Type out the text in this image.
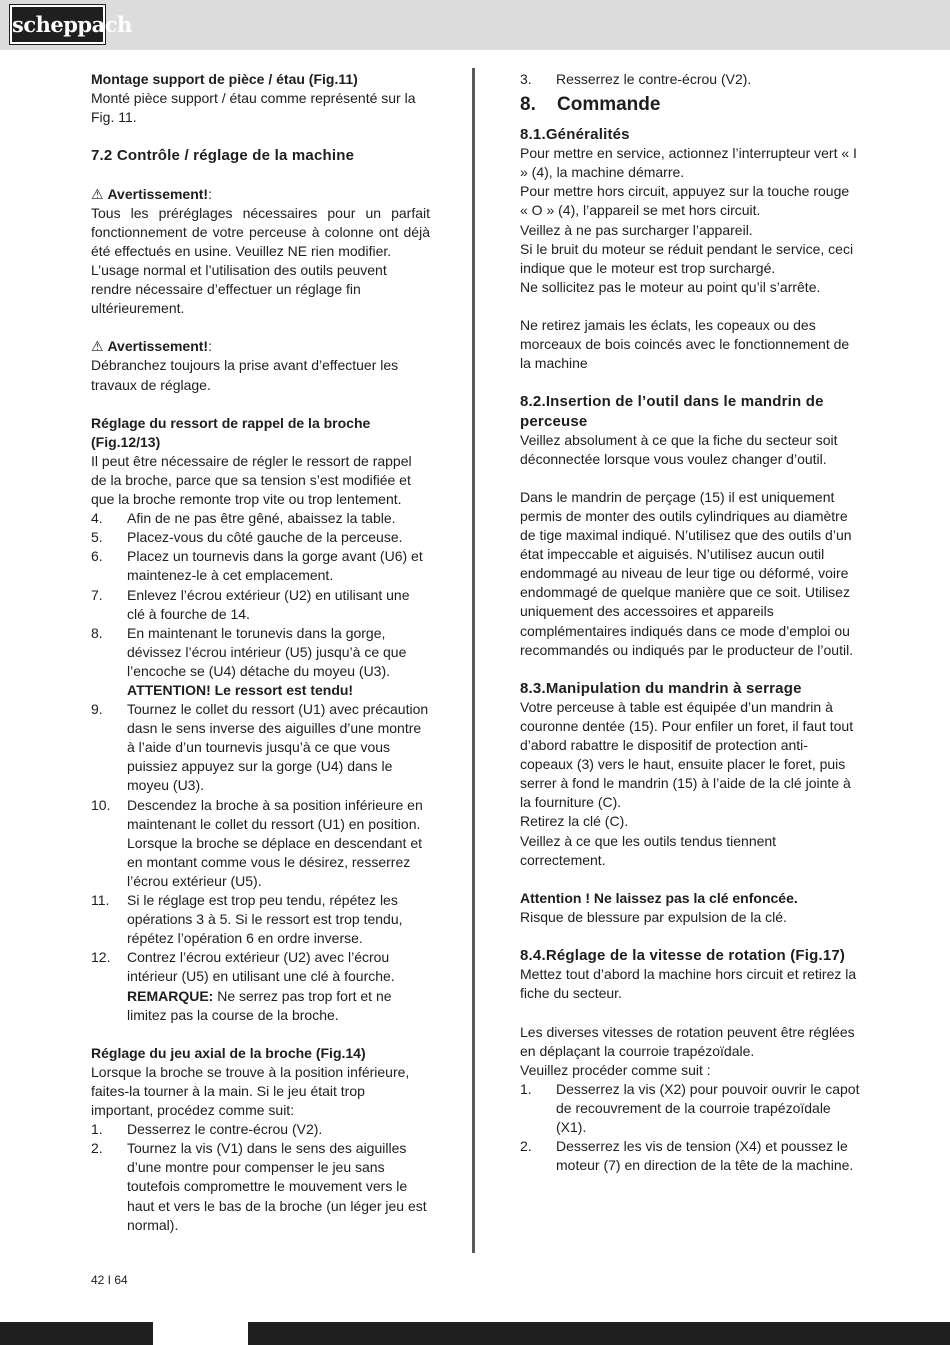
scheppach

Montage support de pièce / étau (Fig.11)

Monté pièce support / étau comme représenté sur la Fig. 11.

7.2 Contrôle / réglage de la machine

⚠ Avertissement!:

Tous les préréglages nécessaires pour un parfait fonctionnement de votre perceuse à colonne ont déjà été effectués en usine. Veuillez NE rien modifier.

L’usage normal et l’utilisation des outils peuvent rendre nécessaire d’effectuer un réglage fin ultérieurement.

⚠ Avertissement!:

Débranchez toujours la prise avant d’effectuer les travaux de réglage.

Réglage du ressort de rappel de la broche (Fig.12/13)

Il peut être nécessaire de régler le ressort de rappel de la broche, parce que sa tension s’est modifiée et que la broche remonte trop vite ou trop lentement.

4.	Afin de ne pas être gêné, abaissez la table.
5.	Placez-vous du côté gauche de la perceuse.
6.	Placez un tournevis dans la gorge avant (U6) et maintenez-le à cet emplacement.
7.	Enlevez l’écrou extérieur (U2) en utilisant une clé à fourche de 14.
8.	En maintenant le torunevis dans la gorge, dévissez l’écrou intérieur (U5) jusqu’à ce que l’encoche se (U4) détache du moyeu (U3).
ATTENTION! Le ressort est tendu!
9.	Tournez le collet du ressort (U1) avec précaution dasn le sens inverse des aiguilles d’une montre à l’aide d’un tournevis jusqu’à ce que vous puissiez appuyez sur la gorge (U4) dans le moyeu (U3).
10.	Descendez la broche à sa position inférieure en maintenant le collet du ressort (U1) en position. Lorsque la broche se déplace en descendant et en montant comme vous le désirez, resserrez l’écrou extérieur (U5).
11.	Si le réglage est trop peu tendu, répétez les opérations 3 à 5. Si le ressort est trop tendu, répétez l’opération 6 en ordre inverse.
12.	Contrez l’écrou extérieur (U2) avec l’écrou intérieur (U5) en utilisant une clé à fourche.
REMARQUE: Ne serrez pas trop fort et ne limitez pas la course de la broche.

Réglage du jeu axial de la broche (Fig.14)

Lorsque la broche se trouve à la position inférieure, faites-la tourner à la main. Si le jeu était trop important, procédez comme suit:

1.	Desserrez le contre-écrou (V2).
2.	Tournez la vis (V1) dans le sens des aiguilles d’une montre pour compenser le jeu sans toutefois compromettre le mouvement vers le haut et vers le bas de la broche (un léger jeu est normal).
3.	Resserrez le contre-écrou (V2).

8. Commande

8.1.Généralités

Pour mettre en service, actionnez l’interrupteur vert « I » (4), la machine démarre.
Pour mettre hors circuit, appuyez sur la touche rouge « O » (4), l’appareil se met hors circuit.
Veillez à ne pas surcharger l’appareil.
Si le bruit du moteur se réduit pendant le service, ceci indique que le moteur est trop surchargé.
Ne sollicitez pas le moteur au point qu’il s’arrête.

Ne retirez jamais les éclats, les copeaux ou des morceaux de bois coincés avec le fonctionnement de la machine

8.2.Insertion de l’outil dans le mandrin de perceuse

Veillez absolument à ce que la fiche du secteur soit déconnectée lorsque vous voulez changer d’outil.

Dans le mandrin de perçage (15) il est uniquement permis de monter des outils cylindriques au diamètre de tige maximal indiqué. N’utilisez que des outils d’un état impeccable et aiguisés. N’utilisez aucun outil endommagé au niveau de leur tige ou déformé, voire endommagé de quelque manière que ce soit. Utilisez uniquement des accessoires et appareils complémentaires indiqués dans ce mode d’emploi ou recommandés ou indiqués par le producteur de l’outil.

8.3.Manipulation du mandrin à serrage

Votre perceuse à table est équipée d’un mandrin à couronne dentée (15). Pour enfiler un foret, il faut tout d’abord rabattre le dispositif de protection anti-copeaux (3) vers le haut, ensuite placer le foret, puis serrer à fond le mandrin (15) à l’aide de la clé jointe à la fourniture (C).
Retirez la clé (C).
Veillez à ce que les outils tendus tiennent correctement.

Attention ! Ne laissez pas la clé enfoncée.

Risque de blessure par expulsion de la clé.

8.4.Réglage de la vitesse de rotation (Fig.17)

Mettez tout d’abord la machine hors circuit et retirez la fiche du secteur.

Les diverses vitesses de rotation peuvent être réglées en déplaçant la courroie trapézoïdale.
Veuillez procéder comme suit :

1.	Desserrez la vis (X2) pour pouvoir ouvrir le capot de recouvrement de la courroie trapézoïdale (X1).
2.	Desserrez les vis de tension (X4) et poussez le moteur (7) en direction de la tête de la machine.
42 I 64
